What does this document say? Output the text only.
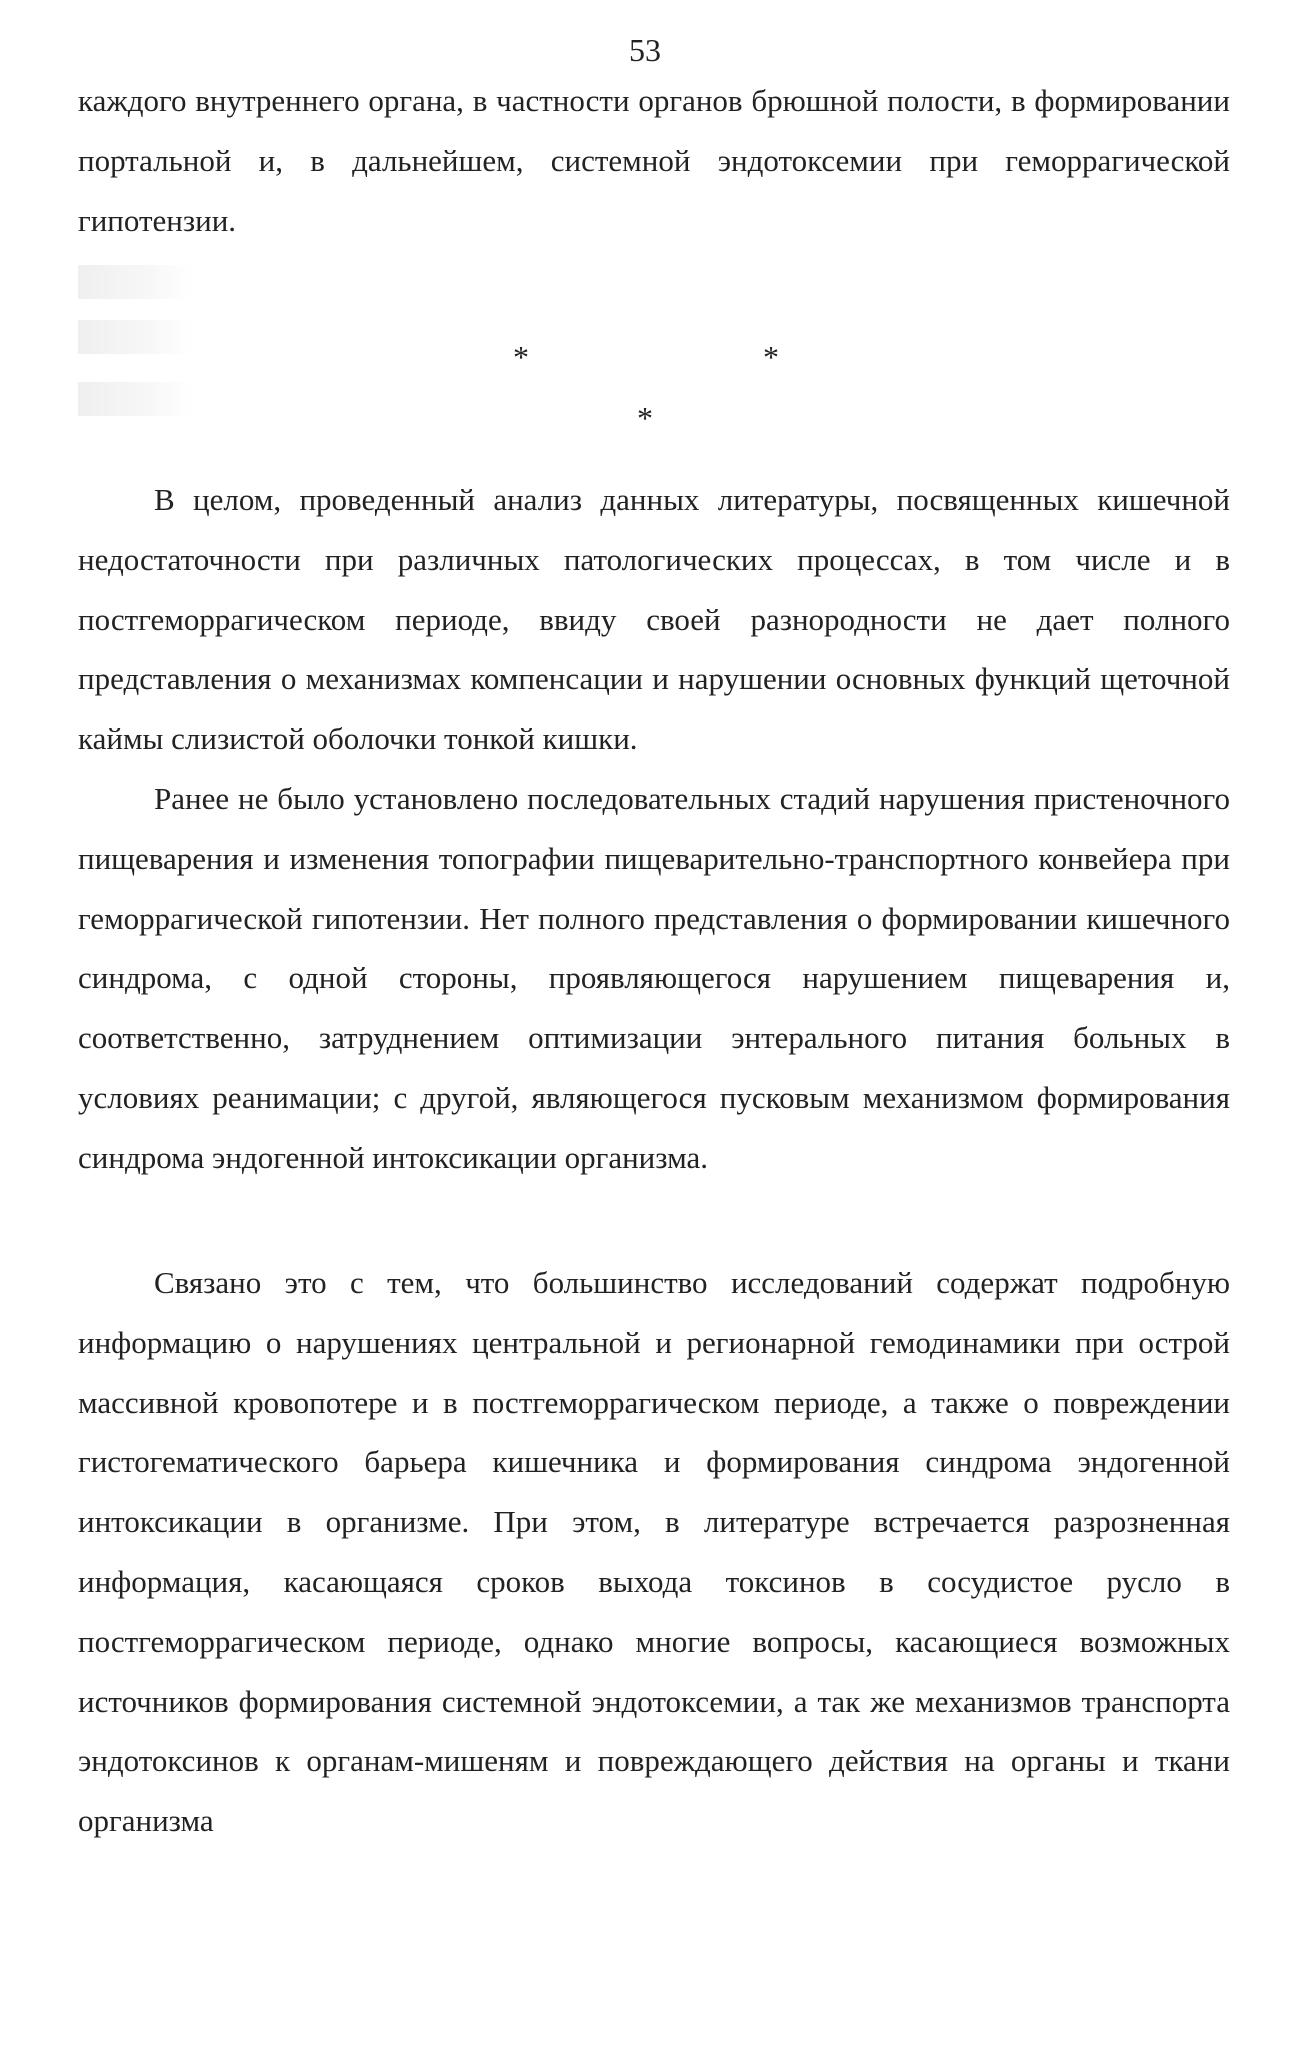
53

каждого внутреннего органа, в частности органов брюшной полости, в формировании портальной и, в дальнейшем, системной эндотоксемии при геморрагической гипотензии.

*	*
*

В целом, проведенный анализ данных литературы, посвященных кишечной недостаточности при различных патологических процессах, в том числе и в постгеморрагическом периоде, ввиду своей разнородности не дает полного представления о механизмах компенсации и нарушении основных функций щеточной каймы слизистой оболочки тонкой кишки.

Ранее не было установлено последовательных стадий нарушения пристеночного пищеварения и изменения топографии пищеварительно-транспортного конвейера при геморрагической гипотензии. Нет полного представления о формировании кишечного синдрома, с одной стороны, проявляющегося нарушением пищеварения и, соответственно, затруднением оптимизации энтерального питания больных в условиях реанимации; с другой, являющегося пусковым механизмом формирования синдрома эндогенной интоксикации организма.

Связано это с тем, что большинство исследований содержат подробную информацию о нарушениях центральной и регионарной гемодинамики при острой массивной кровопотере и в постгеморрагическом периоде, а также о повреждении гистогематического барьера кишечника и формирования синдрома эндогенной интоксикации в организме. При этом, в литературе встречается разрозненная информация, касающаяся сроков выхода токсинов в сосудистое русло в постгеморрагическом периоде, однако многие вопросы, касающиеся возможных источников формирования системной эндотоксемии, а так же механизмов транспорта эндотоксинов к органам-мишеням и повреждающего действия на органы и ткани организма
